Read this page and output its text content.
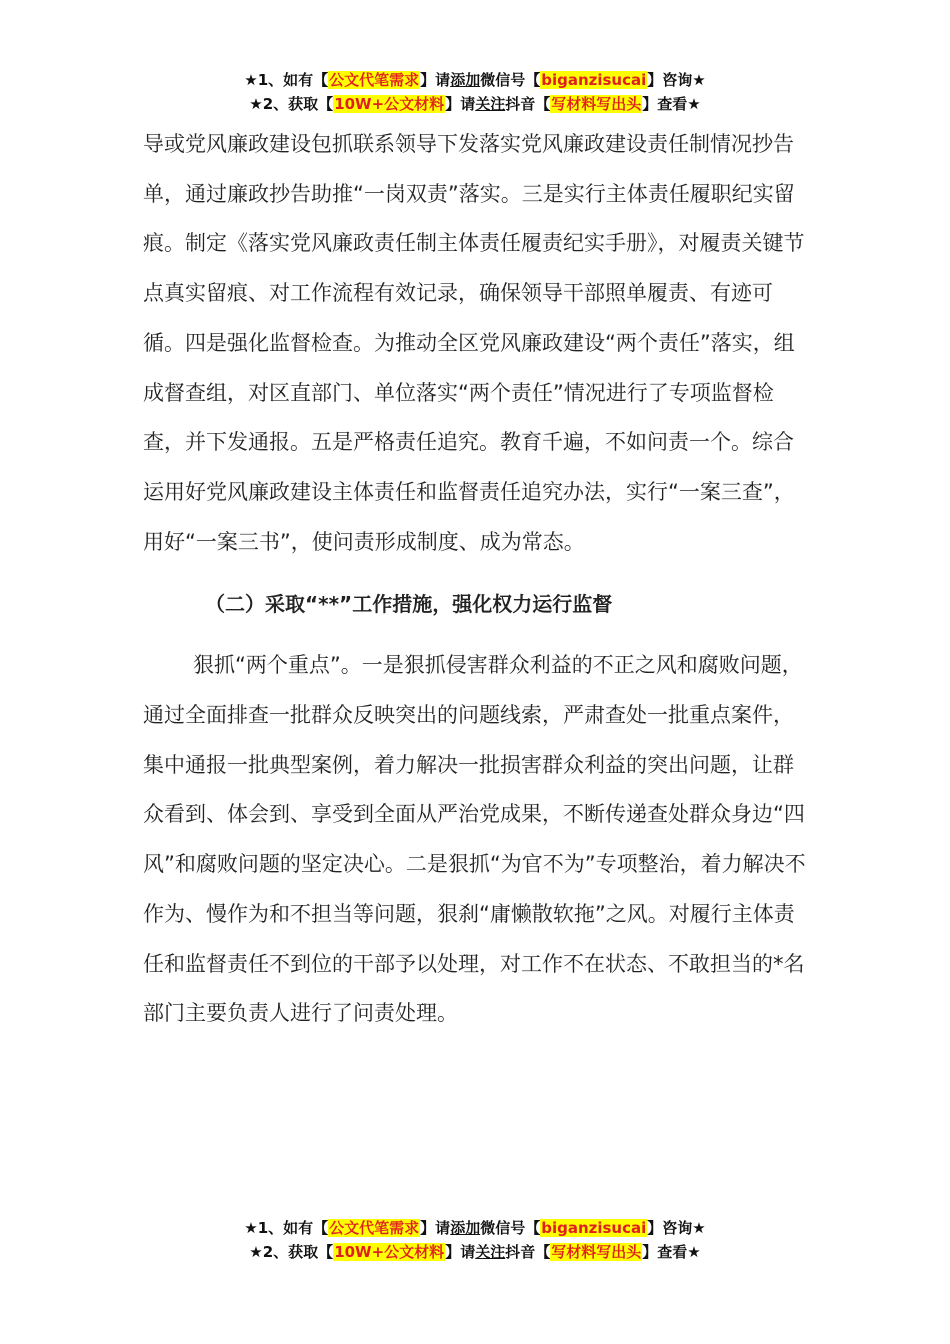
★1、如有【公文代笔需求】请添加微信号【biganzisucai】咨询★
★2、获取【10W+公文材料】请关注抖音【写材料写出头】查看★

导或党风廉政建设包抓联系领导下发落实党风廉政建设责任制情况抄告单，通过廉政抄告助推“一岗双责”落实。三是实行主体责任履职纪实留痕。制定《落实党风廉政责任制主体责任履责纪实手册》，对履责关键节点真实留痕、对工作流程有效记录，确保领导干部照单履责、有迹可循。四是强化监督检查。为推动全区党风廉政建设“两个责任”落实，组成督查组，对区直部门、单位落实“两个责任”情况进行了专项监督检查，并下发通报。五是严格责任追究。教育千遍，不如问责一个。综合运用好党风廉政建设主体责任和监督责任追究办法，实行“一案三查”，用好“一案三书”，使问责形成制度、成为常态。

（二）采取“**”工作措施，强化权力运行监督

狠抓“两个重点”。一是狠抓侵害群众利益的不正之风和腐败问题，通过全面排查一批群众反映突出的问题线索，严肃查处一批重点案件，集中通报一批典型案例，着力解决一批损害群众利益的突出问题，让群众看到、体会到、享受到全面从严治党成果，不断传递查处群众身边“四风”和腐败问题的坚定决心。二是狠抓“为官不为”专项整治，着力解决不作为、慢作为和不担当等问题，狠刹“庸懒散软拖”之风。对履行主体责任和监督责任不到位的干部予以处理，对工作不在状态、不敢担当的*名部门主要负责人进行了问责处理。

★1、如有【公文代笔需求】请添加微信号【biganzisucai】咨询★
★2、获取【10W+公文材料】请关注抖音【写材料写出头】查看★
